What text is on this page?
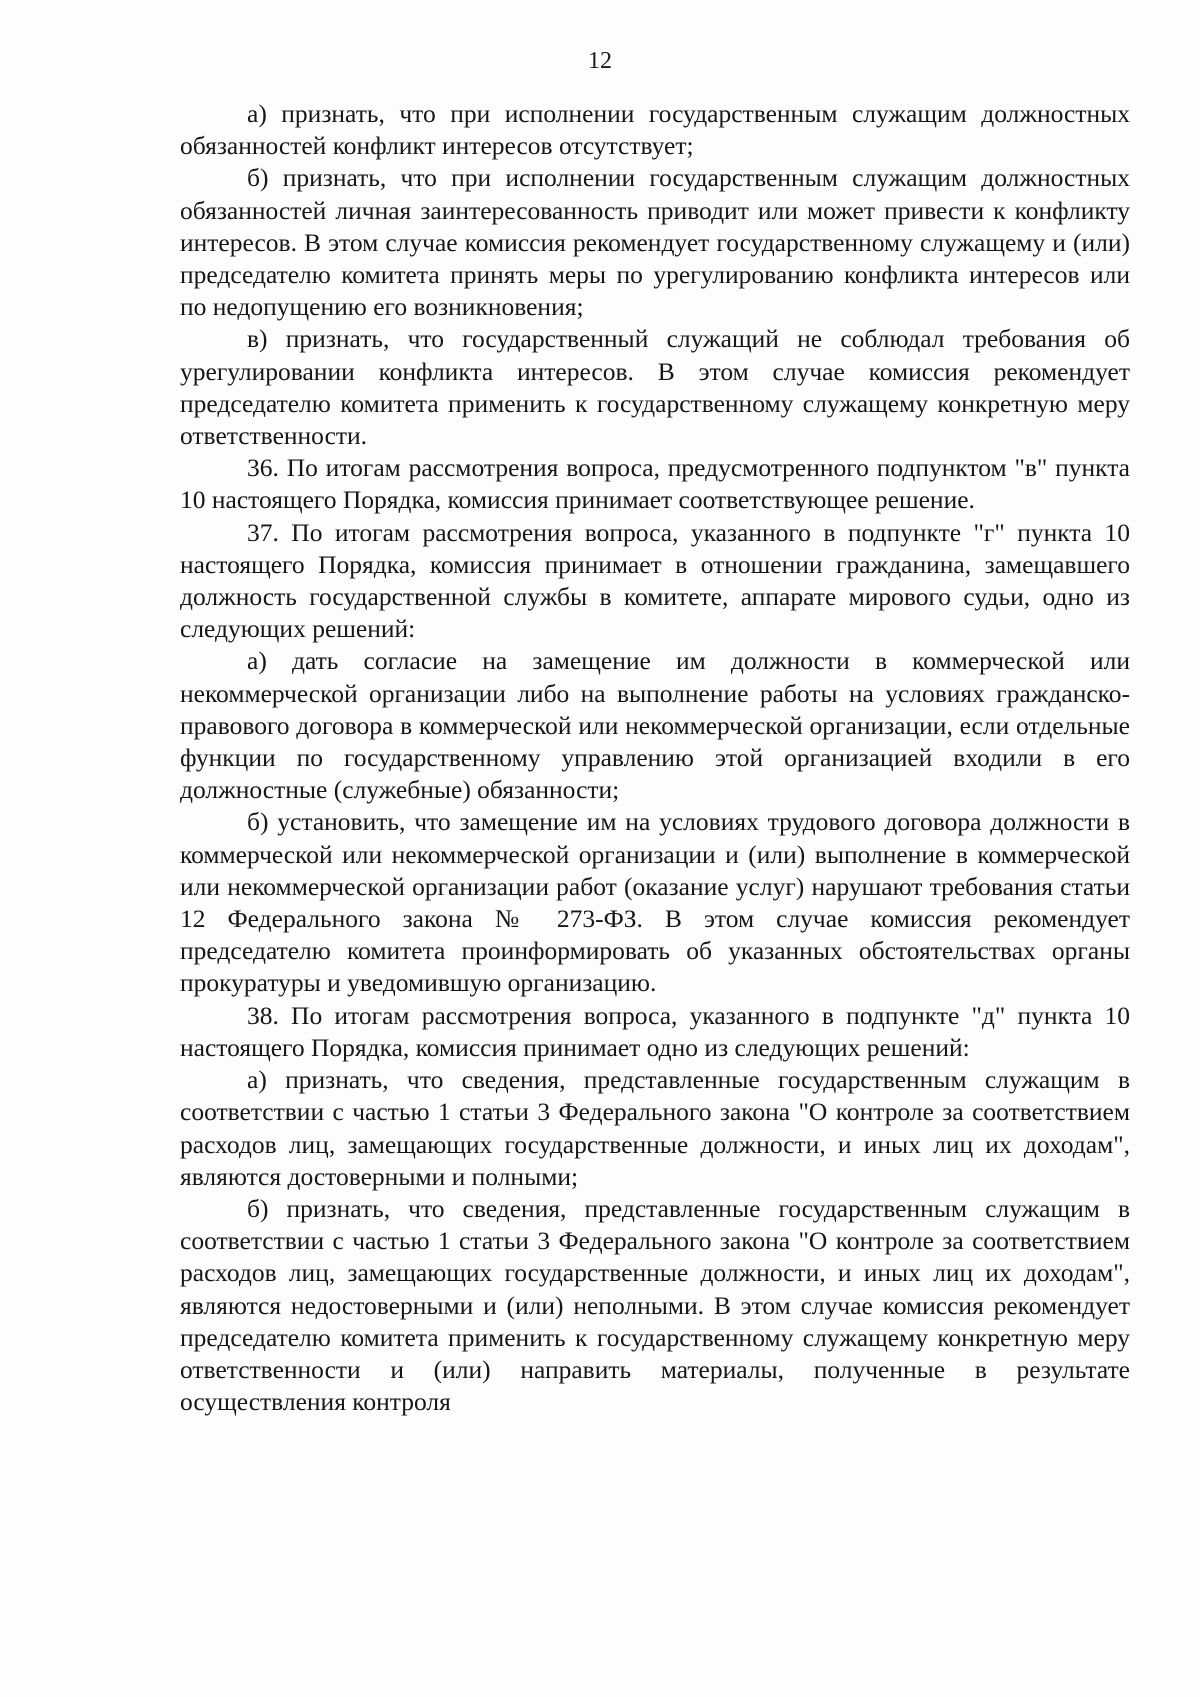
12

а) признать, что при исполнении государственным служащим должностных обязанностей конфликт интересов отсутствует;

б) признать, что при исполнении государственным служащим должностных обязанностей личная заинтересованность приводит или может привести к конфликту интересов. В этом случае комиссия рекомендует государственному служащему и (или) председателю комитета принять меры по урегулированию конфликта интересов или по недопущению его возникновения;

в) признать, что государственный служащий не соблюдал требования об урегулировании конфликта интересов. В этом случае комиссия рекомендует председателю комитета применить к государственному служащему конкретную меру ответственности.

36. По итогам рассмотрения вопроса, предусмотренного подпунктом "в" пункта 10 настоящего Порядка, комиссия принимает соответствующее решение.

37. По итогам рассмотрения вопроса, указанного в подпункте "г" пункта 10 настоящего Порядка, комиссия принимает в отношении гражданина, замещавшего должность государственной службы в комитете, аппарате мирового судьи, одно из следующих решений:

а) дать согласие на замещение им должности в коммерческой или некоммерческой организации либо на выполнение работы на условиях гражданско-правового договора в коммерческой или некоммерческой организации, если отдельные функции по государственному управлению этой организацией входили в его должностные (служебные) обязанности;

б) установить, что замещение им на условиях трудового договора должности в коммерческой или некоммерческой организации и (или) выполнение в коммерческой или некоммерческой организации работ (оказание услуг) нарушают требования статьи 12 Федерального закона № 273-ФЗ. В этом случае комиссия рекомендует председателю комитета проинформировать об указанных обстоятельствах органы прокуратуры и уведомившую организацию.

38. По итогам рассмотрения вопроса, указанного в подпункте "д" пункта 10 настоящего Порядка, комиссия принимает одно из следующих решений:

а) признать, что сведения, представленные государственным служащим в соответствии с частью 1 статьи 3 Федерального закона "О контроле за соответствием расходов лиц, замещающих государственные должности, и иных лиц их доходам", являются достоверными и полными;

б) признать, что сведения, представленные государственным служащим в соответствии с частью 1 статьи 3 Федерального закона "О контроле за соответствием расходов лиц, замещающих государственные должности, и иных лиц их доходам", являются недостоверными и (или) неполными. В этом случае комиссия рекомендует председателю комитета применить к государственному служащему конкретную меру ответственности и (или) направить материалы, полученные в результате осуществления контроля
